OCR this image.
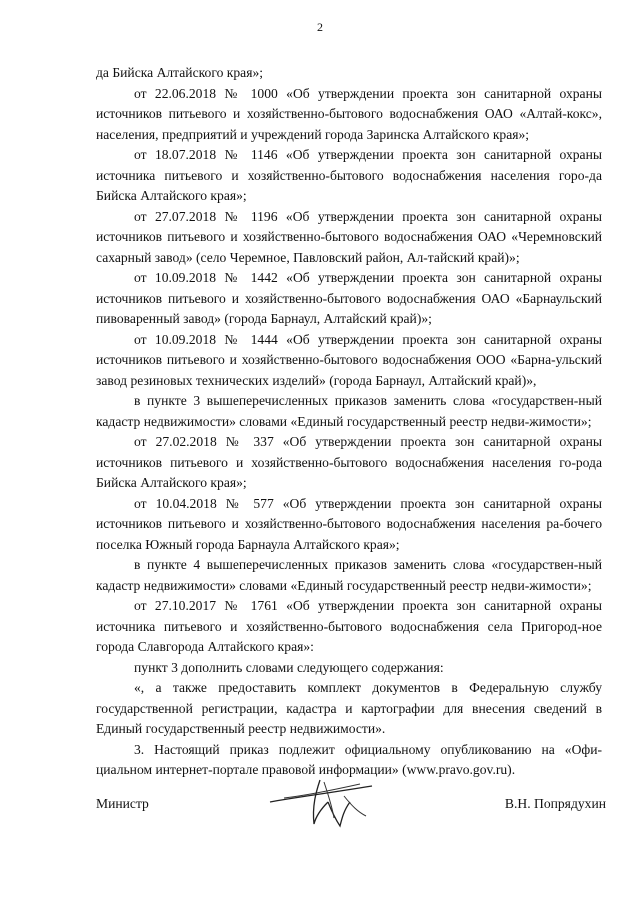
2

да Бийска Алтайского края»;

от 22.06.2018 № 1000 «Об утверждении проекта зон санитарной охраны источников питьевого и хозяйственно-бытового водоснабжения ОАО «Алтай-кокс», населения, предприятий и учреждений города Заринска Алтайского края»;

от 18.07.2018 № 1146 «Об утверждении проекта зон санитарной охраны источника питьевого и хозяйственно-бытового водоснабжения населения горо-да Бийска Алтайского края»;

от 27.07.2018 № 1196 «Об утверждении проекта зон санитарной охраны источников питьевого и хозяйственно-бытового водоснабжения ОАО «Черемновский сахарный завод» (село Черемное, Павловский район, Ал-тайский край)»;

от 10.09.2018 № 1442 «Об утверждении проекта зон санитарной охраны источников питьевого и хозяйственно-бытового водоснабжения ОАО «Барнаульский пивоваренный завод» (города Барнаул, Алтайский край)»;

от 10.09.2018 № 1444 «Об утверждении проекта зон санитарной охраны источников питьевого и хозяйственно-бытового водоснабжения ООО «Барна-ульский завод резиновых технических изделий» (города Барнаул, Алтайский край)»,

в пункте 3 вышеперечисленных приказов заменить слова «государствен-ный кадастр недвижимости» словами «Единый государственный реестр недви-жимости»;

от 27.02.2018 № 337 «Об утверждении проекта зон санитарной охраны источников питьевого и хозяйственно-бытового водоснабжения населения го-рода Бийска Алтайского края»;

от 10.04.2018 № 577 «Об утверждении проекта зон санитарной охраны источников питьевого и хозяйственно-бытового водоснабжения населения ра-бочего поселка Южный города Барнаула Алтайского края»;

в пункте 4 вышеперечисленных приказов заменить слова «государствен-ный кадастр недвижимости» словами «Единый государственный реестр недви-жимости»;

от 27.10.2017 № 1761 «Об утверждении проекта зон санитарной охраны источника питьевого и хозяйственно-бытового водоснабжения села Пригород-ное города Славгорода Алтайского края»:

пункт 3 дополнить словами следующего содержания:

«, а также предоставить комплект документов в Федеральную службу государственной регистрации, кадастра и картографии для внесения сведений в Единый государственный реестр недвижимости».

3. Настоящий приказ подлежит официальному опубликованию на «Офи-циальном интернет-портале правовой информации» (www.pravo.gov.ru).

Министр	В.Н. Попрядухин
